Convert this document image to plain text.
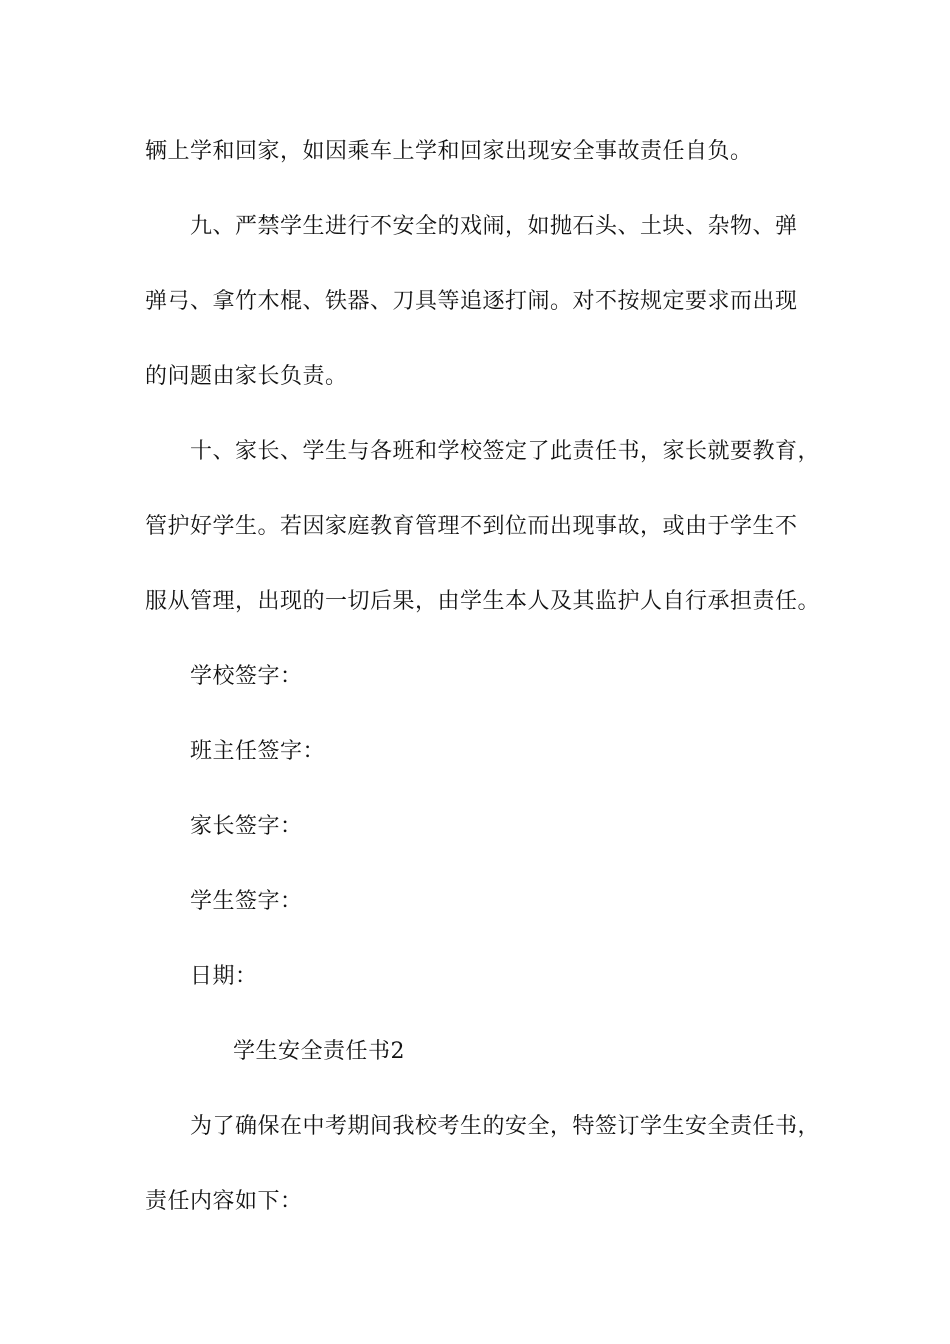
辆上学和回家，如因乘车上学和回家出现安全事故责任自负。
九、严禁学生进行不安全的戏闹，如抛石头、土块、杂物、弹
弹弓、拿竹木棍、铁器、刀具等追逐打闹。对不按规定要求而出现
的问题由家长负责。
十、家长、学生与各班和学校签定了此责任书，家长就要教育，
管护好学生。若因家庭教育管理不到位而出现事故，或由于学生不
服从管理，出现的一切后果，由学生本人及其监护人自行承担责任。
学校签字：
班主任签字：
家长签字：
学生签字：
日期：
学生安全责任书2
为了确保在中考期间我校考生的安全，特签订学生安全责任书，
责任内容如下：
